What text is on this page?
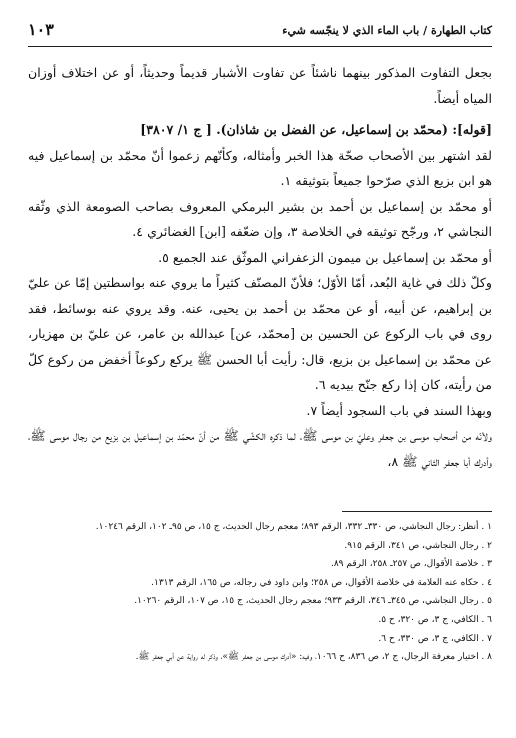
كتاب الطهارة / باب الماء الذي لا ينجّسه شيء
١٠٣

بجعل التفاوت المذكور بينهما ناشئاً عن تفاوت الأشبار قديماً وحديثاً، أو عن اختلاف أوزان المياه أيضاً.

[قوله]: (محمّد بن إسماعيل، عن الفضل بن شاذان). [ ج ١/ ٣٨٠٧]

لقد اشتهر بين الأصحاب صحّة هذا الخبر وأمثاله، وكأنّهم زعموا أنّ محمّد بن إسماعيل فيه هو ابن بزيع الذي صرّحوا جميعاً بتوثيقه ١.

أو محمّد بن إسماعيل بن أحمد بن بشير البرمكي المعروف بصاحب الصومعة الذي وثّقه النجاشي ٢، ورجّح توثيقه في الخلاصة ٣، وإن ضعّفه [ابن] الغضائري ٤.

أو محمّد بن إسماعيل بن ميمون الزعفراني الموثّق عند الجميع ٥.

وكلّ ذلك في غاية البُعد، أمّا الأوّل؛ فلأنّ المصنّف كثيراً ما يروي عنه بواسطتين إمّا عن عليّ بن إبراهيم، عن أبيه، أو عن محمّد بن أحمد بن يحيى، عنه. وقد يروي عنه بوسائط، فقد روى في باب الركوع عن الحسين بن [محمّد، عن] عبدالله بن عامر، عن عليّ بن مهزيار، عن محمّد بن إسماعيل بن بزيع، قال: رأيت أبا الحسن ﷺ يركع ركوعاً أخفض من ركوع كلّ من رأيته، كان إذا ركع جنّح بيديه ٦.

وبهذا السند في باب السجود أيضاً ٧.

ولأنّه من أصحاب موسى بن جعفر وعليّ بن موسى ﷺ، لما ذكره الكشّي ﷺ من أنّ محمّد بن إسماعيل بن بزيع من رجال موسى ﷺ، وأدرك أبا جعفر الثاني ﷺ ٨،

١ . أنظر: رجال النجاشي، ص ٣٣٠ـ ٣٣٢، الرقم ٨٩٣؛ معجم رجال الحديث، ج ١٥، ص ٩٥ـ ١٠٢، الرقم ١٠٢٤٦.

٢ . رجال النجاشي، ص ٣٤١، الرقم ٩١٥.

٣ . خلاصة الأقوال، ص ٢٥٧ـ ٢٥٨، الرقم ٨٩.

٤ . حكاه عنه العلامة في خلاصة الأقوال، ص ٢٥٨؛ وابن داود في رجاله، ص ١٦٥، الرقم ١٣١٣.

٥ . رجال النجاشي، ص ٣٤٥ـ ٣٤٦، الرقم ٩٣٣؛ معجم رجال الحديث، ج ١٥، ص ١٠٧، الرقم ١٠٢٦٠.

٦ . الكافي، ج ٣، ص ٣٢٠، ح ٥.

٧ . الكافي، ج ٣، ص ٣٣٠، ح ٦.

٨ . اختيار معرفة الرجال، ج ٢، ص ٨٣٦، ح ١٠٦٦، وفيه: «أدرك موسى بن جعفر ﷺ»، وذكر له رواية عن أبي جعفر ﷺ.
